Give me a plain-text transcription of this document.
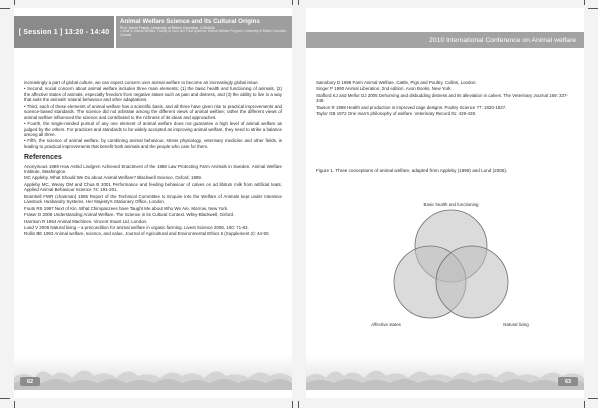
[ Session 1 ] 13:20 - 14:40
Animal Welfare Science and Its Cultural Origins
Prof. David Fraser, University of British Columbia, CANADA
• Chair in Animal Welfare, Faculty of Land and Food Systems, Animal Welfare Program, University of British Columbia, Canada

increasingly a part of global culture, we can expect concern over animal welfare to become an increasingly global issue.

• Second, social concern about animal welfare includes three main elements: (1) the basic health and functioning of animals, (2) the affective states of animals, especially freedom from negative states such as pain and distress, and (3) the ability to live in a way that suits the animals' natural behaviour and other adaptations.

• Third, each of these elements of animal welfare has a scientific basis, and all three have given rise to practical improvements and science-based standards. The science did not arbitrate among the different views of animal welfare; rather the different views of animal welfare influenced the science and contributed to the richness of its ideas and approaches.

• Fourth, the single-minded pursuit of any one element of animal welfare does not guarantee a high level of animal welfare as judged by the others. For practices and standards to be widely accepted as improving animal welfare, they need to strike a balance among all three.

• Fifth, the science of animal welfare, by combining animal behaviour, stress physiology, veterinary medicine and other fields, is leading to practical improvements that benefit both animals and the people who care for them.

References
Anonymous 1989 How Astrid Lindgren Achieved Enactment of the 1988 Law Protecting Farm Animals in Sweden. Animal Welfare Institute, Washington.
MC Appleby. What Should We Do about Animal Welfare? Blackwell Science, Oxford, 1999.
Appleby MC, Weary DM and Chua B 2001 Performance and feeding behaviour of calves on ad libitum milk from artificial teats. Applied Animal Behaviour Science 74: 191-201.
Brambell FWR (chairman) 1965 Report of the Technical Committee to Enquire into the Welfare of Animals kept under Intensive Livestock Husbandry Systems. Her Majesty's Stationery Office, London.
Fouts RS 1997 Next of Kin. What Chimpanzees have Taught Me about Who We Are. Morrow, New York.
Fraser D 2008 Understanding Animal Welfare. The Science in its Cultural Context. Wiley-Blackwell, Oxford.
Harrison R 1964 Animal Machines. Vincent Stuart Ltd, London.
Lund V 2006 Natural living – a precondition for animal welfare in organic farming. Livest Science 2006, 100: 71-83.
Rollin BE 1993 Animal welfare, science, and value. Journal of Agricultural and Environmental Ethics 6 (Supplement 2): 44-50.
62
2010 International Conference on Animal welfare
Sainsbury D 1986 Farm Animal Welfare. Cattle, Pigs and Poultry. Collins, London.
Singer P 1990 Animal Liberation, 2nd edition. Avon Books, New York.
Stafford KJ and Mellor DJ 2005 Dehorning and disbudding distress and its alleviation in calves. The Veterinary Journal 169: 337-349.
Tauson R 1998 Health and production in improved cage designs. Poultry Science 77: 1820-1827.
Taylor GB 1972 One man's philosophy of welfare. Veterinary Record 91: 426-428.
Figure 1. Three conceptions of animal welfare, adapted from Appleby (1999) and Lund (2006).
Basic health and functioning
Affective states	Natural living
63
